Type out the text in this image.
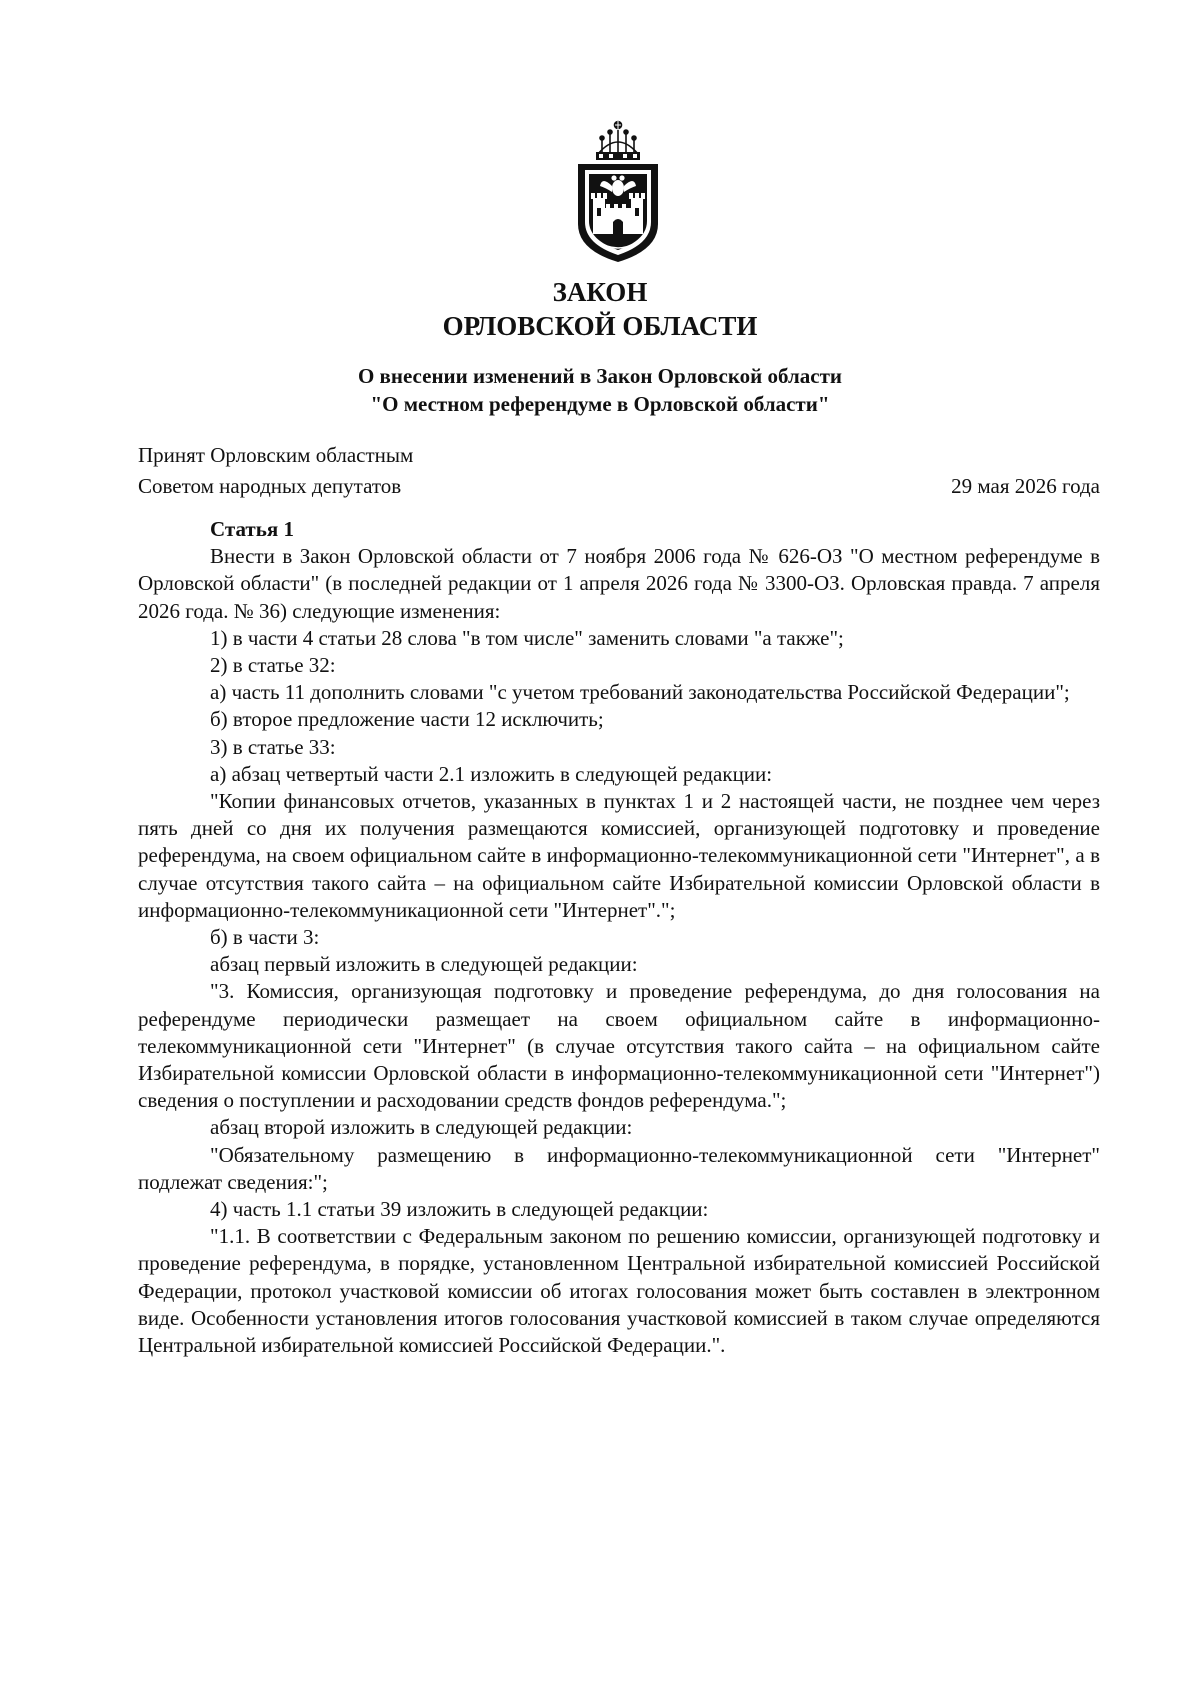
ЗАКОН
ОРЛОВСКОЙ ОБЛАСТИ
О внесении изменений в Закон Орловской области
"О местном референдуме в Орловской области"
Принят Орловским областным
Советом народных депутатов	29 мая 2026 года

Статья 1

Внести в Закон Орловской области от 7 ноября 2006 года № 626-ОЗ "О местном референдуме в Орловской области" (в последней редакции от 1 апреля 2026 года № 3300-ОЗ. Орловская правда. 7 апреля 2026 года. № 36) следующие изменения:

1) в части 4 статьи 28 слова "в том числе" заменить словами "а также";

2) в статье 32:

а) часть 11 дополнить словами "с учетом требований законодательства Российской Федерации";

б) второе предложение части 12 исключить;

3) в статье 33:

а) абзац четвертый части 2.1 изложить в следующей редакции:

"Копии финансовых отчетов, указанных в пунктах 1 и 2 настоящей части, не позднее чем через пять дней со дня их получения размещаются комиссией, организующей подготовку и проведение референдума, на своем официальном сайте в информационно-телекоммуникационной сети "Интернет", а в случае отсутствия такого сайта – на официальном сайте Избирательной комиссии Орловской области в информационно-телекоммуникационной сети "Интернет".";

б) в части 3:

абзац первый изложить в следующей редакции:

"3. Комиссия, организующая подготовку и проведение референдума, до дня голосования на референдуме периодически размещает на своем официальном сайте в информационно-телекоммуникационной сети "Интернет" (в случае отсутствия такого сайта – на официальном сайте Избирательной комиссии Орловской области в информационно-телекоммуникационной сети "Интернет") сведения о поступлении и расходовании средств фондов референдума.";

абзац второй изложить в следующей редакции:

"Обязательному размещению в информационно-телекоммуникационной сети "Интернет" подлежат сведения:";

4) часть 1.1 статьи 39 изложить в следующей редакции:

"1.1. В соответствии с Федеральным законом по решению комиссии, организующей подготовку и проведение референдума, в порядке, установленном Центральной избирательной комиссией Российской Федерации, протокол участковой комиссии об итогах голосования может быть составлен в электронном виде. Особенности установления итогов голосования участковой комиссией в таком случае определяются Центральной избирательной комиссией Российской Федерации.".
